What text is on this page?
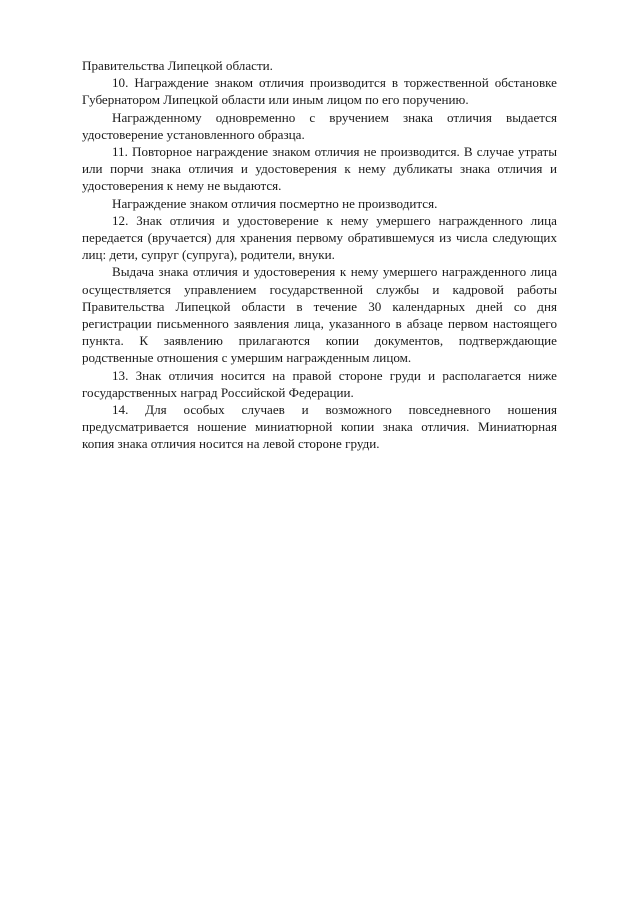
Правительства Липецкой области.

10. Награждение знаком отличия производится в торжественной обстановке Губернатором Липецкой области или иным лицом по его поручению.

Награжденному одновременно с вручением знака отличия выдается удостоверение установленного образца.

11. Повторное награждение знаком отличия не производится. В случае утраты или порчи знака отличия и удостоверения к нему дубликаты знака отличия и удостоверения к нему не выдаются.

Награждение знаком отличия посмертно не производится.

12. Знак отличия и удостоверение к нему умершего награжденного лица передается (вручается) для хранения первому обратившемуся из числа следующих лиц: дети, супруг (супруга), родители, внуки.

Выдача знака отличия и удостоверения к нему умершего награжденного лица осуществляется управлением государственной службы и кадровой работы Правительства Липецкой области в течение 30 календарных дней со дня регистрации письменного заявления лица, указанного в абзаце первом настоящего пункта. К заявлению прилагаются копии документов, подтверждающие родственные отношения с умершим награжденным лицом.

13. Знак отличия носится на правой стороне груди и располагается ниже государственных наград Российской Федерации.

14. Для особых случаев и возможного повседневного ношения предусматривается ношение миниатюрной копии знака отличия. Миниатюрная копия знака отличия носится на левой стороне груди.
